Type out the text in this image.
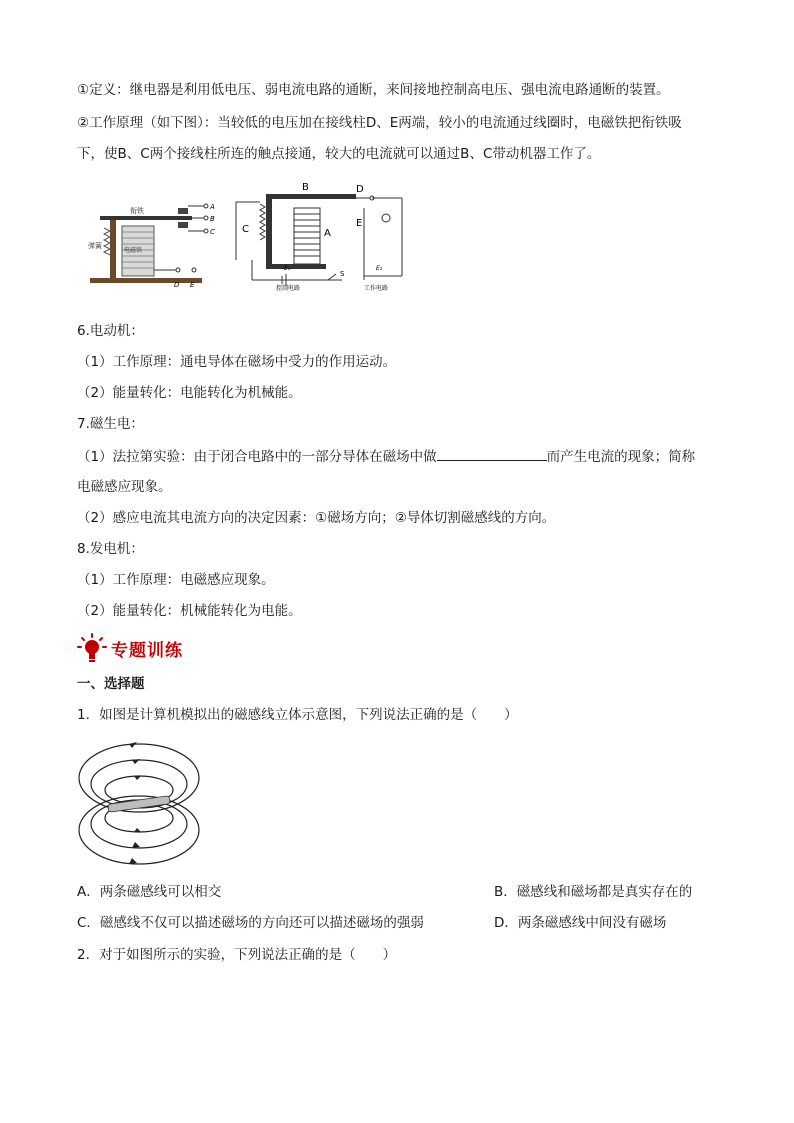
①定义：继电器是利用低电压、弱电流电路的通断，来间接地控制高电压、强电流电路通断的装置。
②工作原理（如下图）：当较低的电压加在接线柱D、E两端，较小的电流通过线圈时，电磁铁把衔铁吸
下，使B、C两个接线柱所连的触点接通，较大的电流就可以通过B、C带动机器工作了。
衔铁
弹簧
电磁铁
A
B
C
D E
B	D
E
C	A
S
E₁	E₂
控制电路	工作电路
6.电动机：
（1）工作原理：通电导体在磁场中受力的作用运动。
（2）能量转化：电能转化为机械能。
7.磁生电：
（1）法拉第实验：由于闭合电路中的一部分导体在磁场中做	而产生电流的现象；简称
电磁感应现象。
（2）感应电流其电流方向的决定因素：①磁场方向；②导体切割磁感线的方向。
8.发电机：
（1）工作原理：电磁感应现象。
（2）能量转化：机械能转化为电能。
专题训练
一、选择题
1．如图是计算机模拟出的磁感线立体示意图，下列说法正确的是（　　）
A．两条磁感线可以相交	B．磁感线和磁场都是真实存在的
C．磁感线不仅可以描述磁场的方向还可以描述磁场的强弱	D．两条磁感线中间没有磁场
2．对于如图所示的实验，下列说法正确的是（　　）
